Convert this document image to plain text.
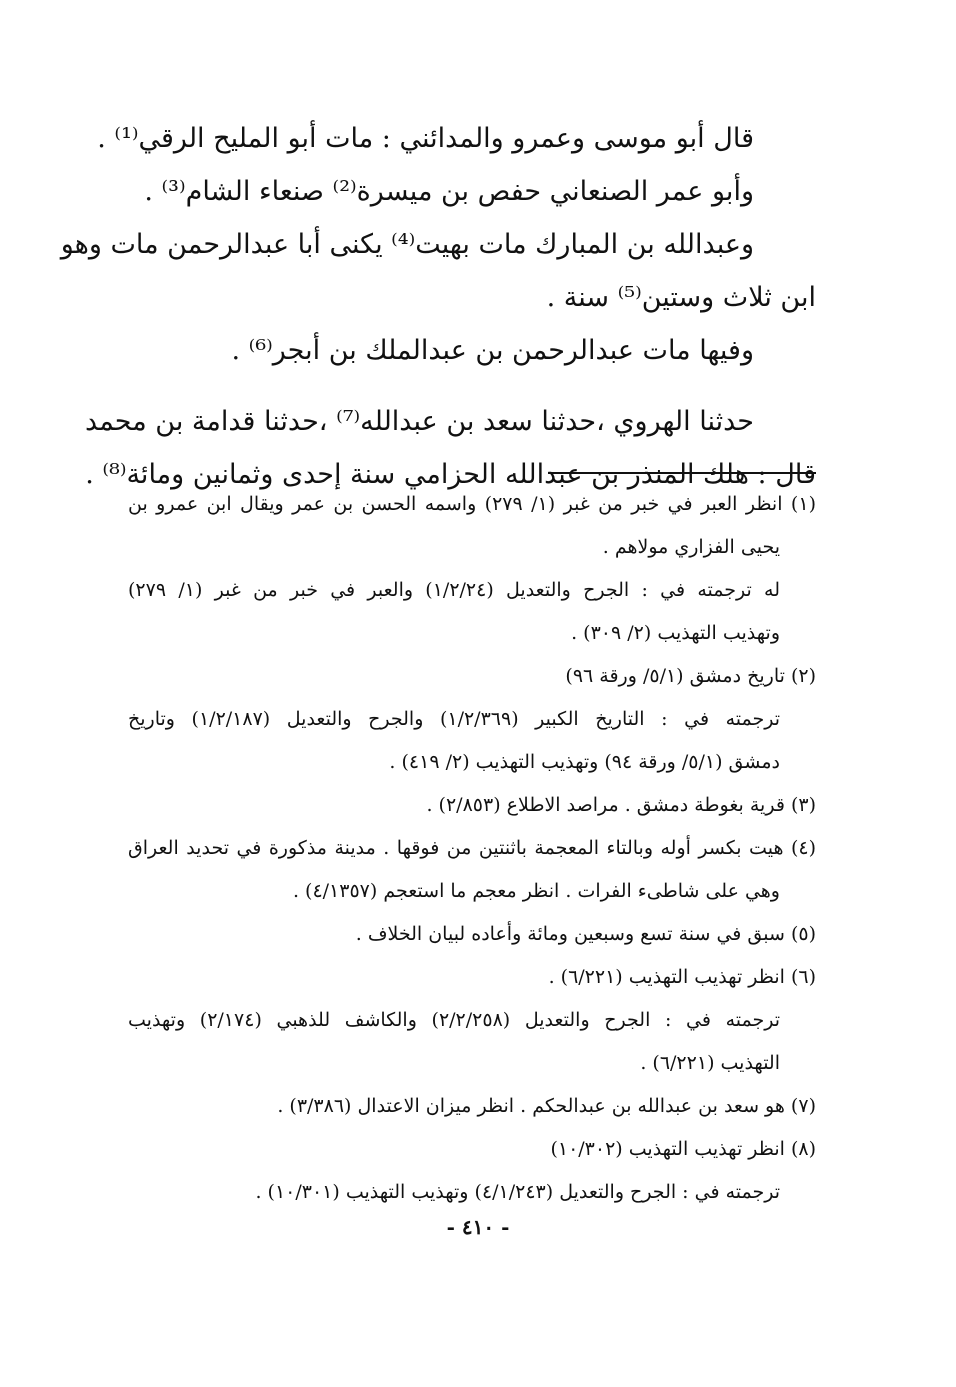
قال أبو موسى وعمرو والمدائني : مات أبو المليح الرقي⁽¹⁾ .

وأبو عمر الصنعاني حفص بن ميسرة⁽²⁾ صنعاء الشام⁽³⁾ .

وعبدالله بن المبارك مات بهيت⁽⁴⁾ يكنى أبا عبدالرحمن مات وهو

ابن ثلاث وستين⁽⁵⁾ سنة .

وفيها مات عبدالرحمن بن عبدالملك بن أبجر⁽⁶⁾ .

حدثنا الهروي ،حدثنا سعد بن عبدالله⁽⁷⁾ ،حدثنا قدامة بن محمد

قال : هلك المنذر بن عبدالله الحزامي سنة إحدى وثمانين ومائة⁽⁸⁾ .

(١) انظر العبر في خبر من غبر (١/ ٢٧٩) واسمه الحسن بن عمر ويقال ابن عمرو بن

يحيى الفزاري مولاهم .

له ترجمته في : الجرح والتعديل (١/٢/٢٤) والعبر في خبر من غبر (١/ ٢٧٩)

وتهذيب التهذيب (٢/ ٣٠٩) .

(٢) تاريخ دمشق (٥/١/ ورقة ٩٦)

ترجمته في : التاريخ الكبير (١/٢/٣٦٩) والجرح والتعديل (١/٢/١٨٧) وتاريخ

دمشق (٥/١/ ورقة ٩٤) وتهذيب التهذيب (٢/ ٤١٩) .

(٣) قرية بغوطة دمشق . مراصد الاطلاع (٢/٨٥٣) .

(٤) هيت بكسر أوله وبالتاء المعجمة باثنتين من فوقها . مدينة مذكورة في تحديد العراق

وهي على شاطىء الفرات . انظر معجم ما استعجم (٤/١٣٥٧) .

(٥) سبق في سنة تسع وسبعين ومائة وأعاده لبيان الخلاف .

(٦) انظر تهذيب التهذيب (٦/٢٢١) .

ترجمته في : الجرح والتعديل (٢/٢/٢٥٨) والكاشف للذهبي (٢/١٧٤) وتهذيب

التهذيب (٦/٢٢١) .

(٧) هو سعد بن عبدالله بن عبدالحكم . انظر ميزان الاعتدال (٣/٣٨٦) .

(٨) انظر تهذيب التهذيب (١٠/٣٠٢)

ترجمته في : الجرح والتعديل (٤/١/٢٤٣) وتهذيب التهذيب (١٠/٣٠١) .

- ٤١٠ -
